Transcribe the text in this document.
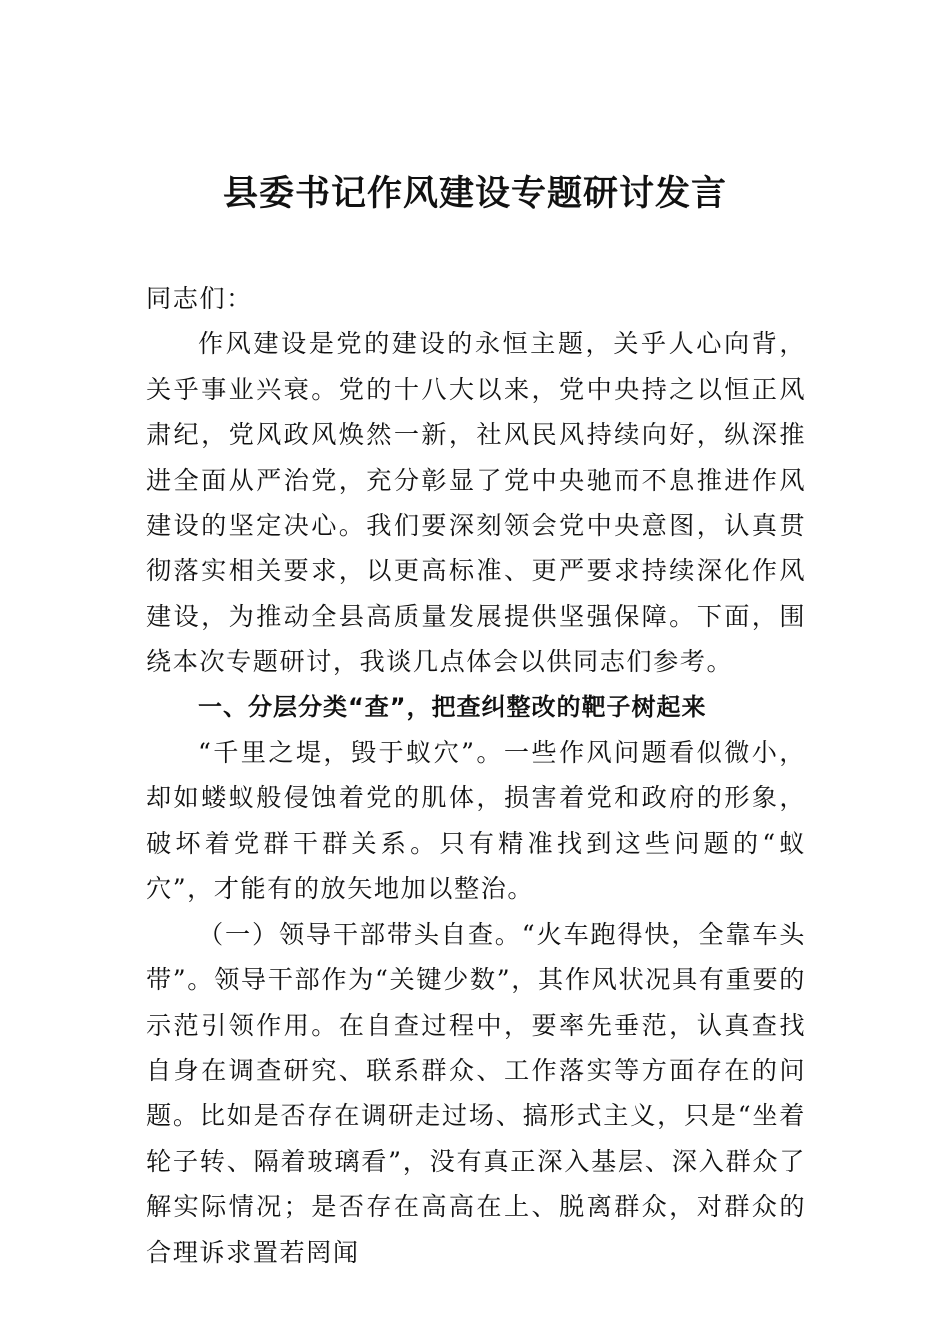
县委书记作风建设专题研讨发言

同志们：

作风建设是党的建设的永恒主题，关乎人心向背，关乎事业兴衰。党的十八大以来，党中央持之以恒正风肃纪，党风政风焕然一新，社风民风持续向好，纵深推进全面从严治党，充分彰显了党中央驰而不息推进作风建设的坚定决心。我们要深刻领会党中央意图，认真贯彻落实相关要求，以更高标准、更严要求持续深化作风建设，为推动全县高质量发展提供坚强保障。下面，围绕本次专题研讨，我谈几点体会以供同志们参考。

一、分层分类“查”，把查纠整改的靶子树起来

“千里之堤，毁于蚁穴”。一些作风问题看似微小，却如蝼蚁般侵蚀着党的肌体，损害着党和政府的形象，破坏着党群干群关系。只有精准找到这些问题的“蚁穴”，才能有的放矢地加以整治。

（一）领导干部带头自查。“火车跑得快，全靠车头带”。领导干部作为“关键少数”，其作风状况具有重要的示范引领作用。在自查过程中，要率先垂范，认真查找自身在调查研究、联系群众、工作落实等方面存在的问题。比如是否存在调研走过场、搞形式主义，只是“坐着轮子转、隔着玻璃看”，没有真正深入基层、深入群众了解实际情况；是否存在高高在上、脱离群众，对群众的合理诉求置若罔闻
